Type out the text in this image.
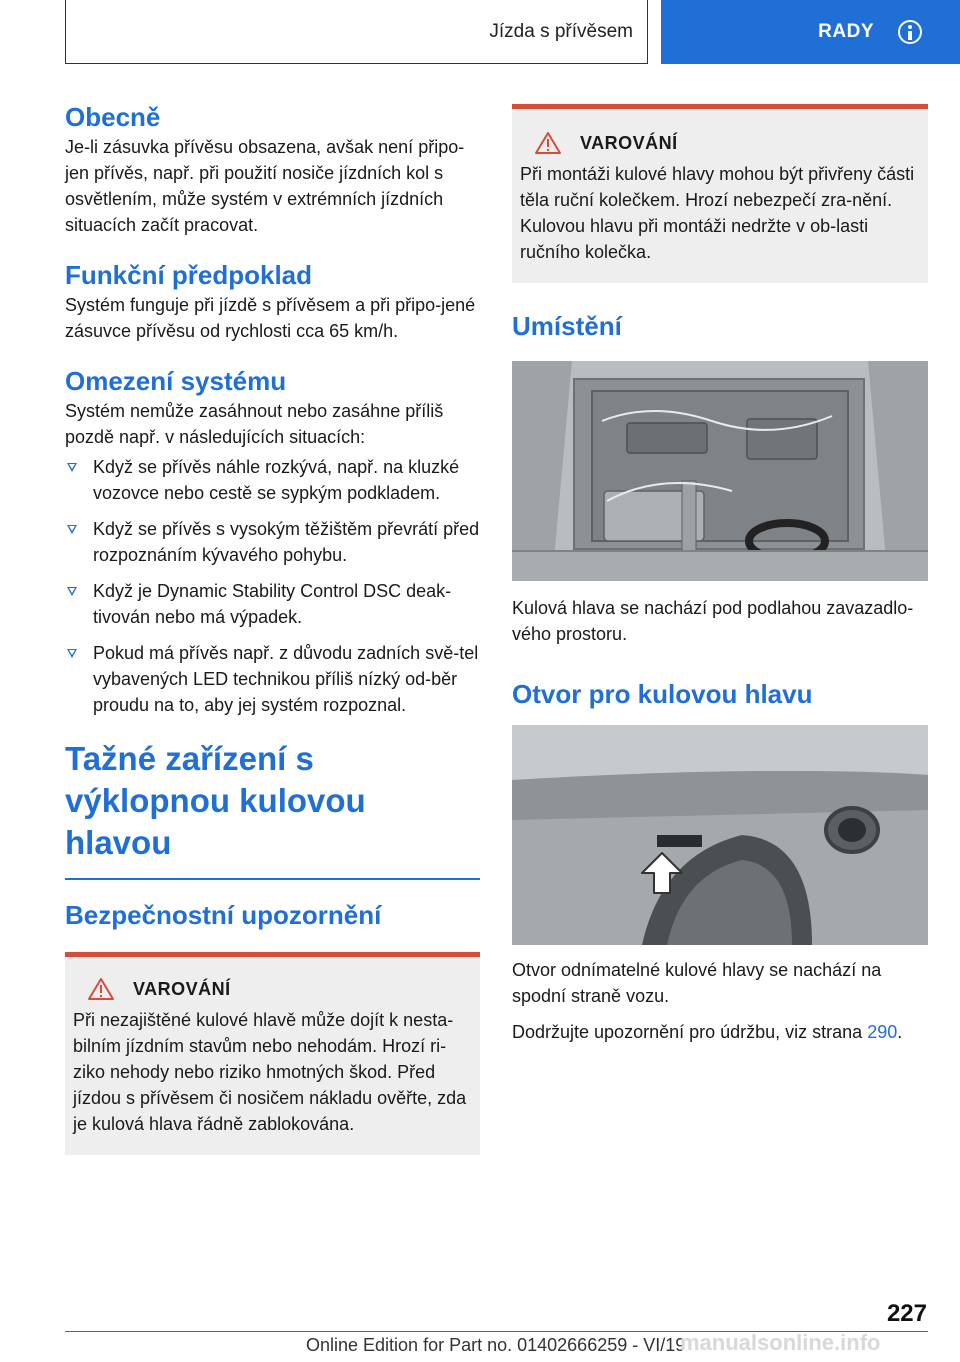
Jízda s přívěsem	RADY
Obecně

Je-li zásuvka přívěsu obsazena, avšak není připo-jen přívěs, např. při použití nosiče jízdních kol s osvětlením, může systém v extrémních jízdních situacích začít pracovat.

Funkční předpoklad

Systém funguje při jízdě s přívěsem a při připo-jené zásuvce přívěsu od rychlosti cca 65 km/h.

Omezení systému

Systém nemůže zasáhnout nebo zasáhne příliš pozdě např. v následujících situacích:

Když se přívěs náhle rozkývá, např. na kluzké vozovce nebo cestě se sypkým podkladem.
Když se přívěs s vysokým těžištěm převrátí před rozpoznáním kývavého pohybu.
Když je Dynamic Stability Control DSC deak-tivován nebo má výpadek.
Pokud má přívěs např. z důvodu zadních svě-tel vybavených LED technikou příliš nízký od-běr proudu na to, aby jej systém rozpoznal.
Tažné zařízení s výklopnou kulovou hlavou
Bezpečnostní upozornění
VAROVÁNÍ

Při nezajištěné kulové hlavě může dojít k nesta-bilním jízdním stavům nebo nehodám. Hrozí ri-ziko nehody nebo riziko hmotných škod. Před jízdou s přívěsem či nosičem nákladu ověřte, zda je kulová hlava řádně zablokována.

VAROVÁNÍ

Při montáži kulové hlavy mohou být přivřeny části těla ruční kolečkem. Hrozí nebezpečí zra-nění. Kulovou hlavu při montáži nedržte v ob-lasti ručního kolečka.

Umístění

Kulová hlava se nachází pod podlahou zavazadlo-vého prostoru.

Otvor pro kulovou hlavu

Otvor odnímatelné kulové hlavy se nachází na spodní straně vozu.

Dodržujte upozornění pro údržbu, viz strana 290.

227
Online Edition for Part no. 01402666259 - VI/19
manualsonline.info
